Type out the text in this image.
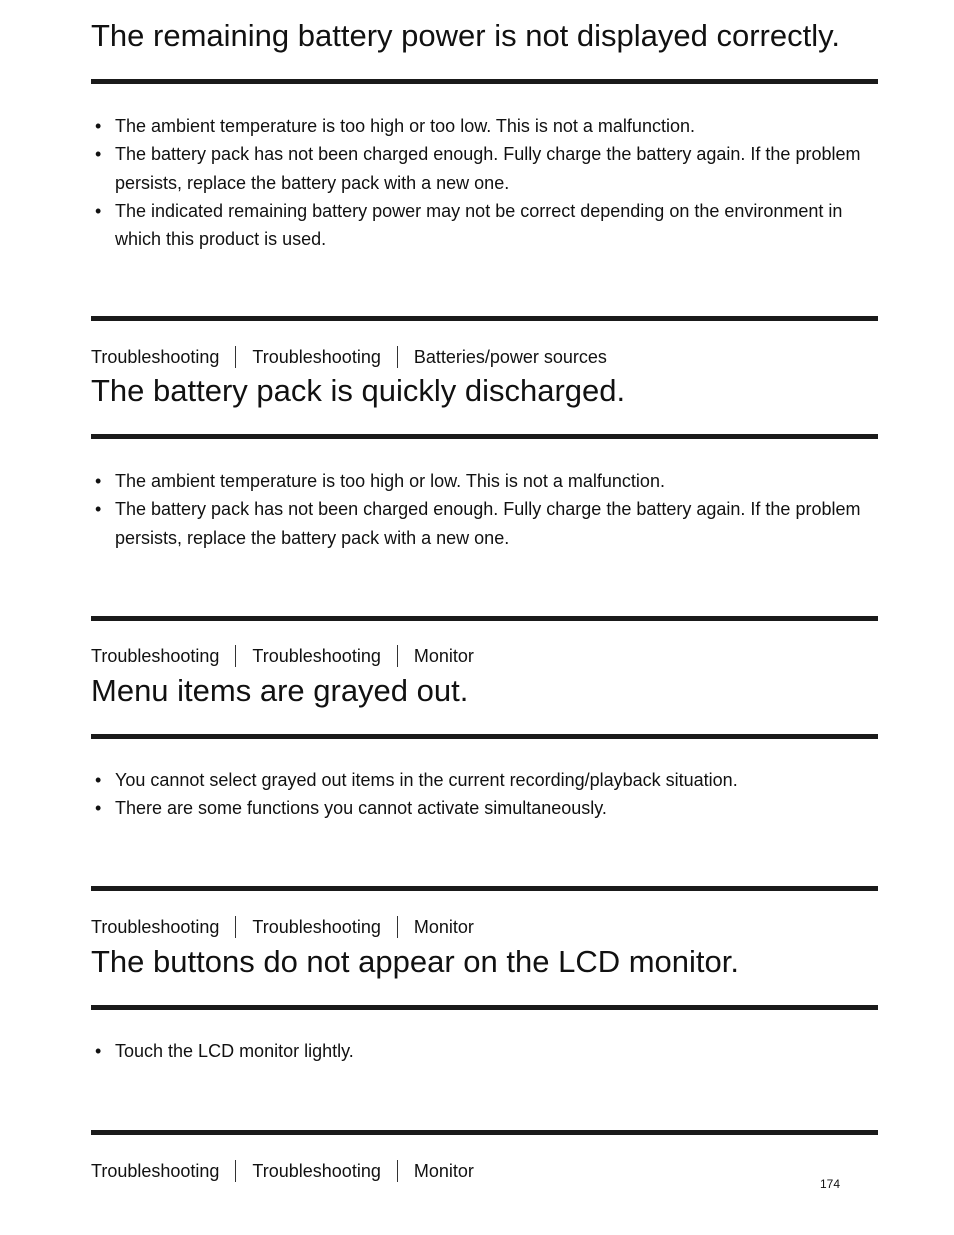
The remaining battery power is not displayed correctly.
• The ambient temperature is too high or too low. This is not a malfunction.
• The battery pack has not been charged enough. Fully charge the battery again. If the problem persists, replace the battery pack with a new one.
• The indicated remaining battery power may not be correct depending on the environment in which this product is used.
Troubleshooting Troubleshooting Batteries/power sources
The battery pack is quickly discharged.
• The ambient temperature is too high or low. This is not a malfunction.
• The battery pack has not been charged enough. Fully charge the battery again. If the problem persists, replace the battery pack with a new one.
Troubleshooting Troubleshooting Monitor
Menu items are grayed out.
• You cannot select grayed out items in the current recording/playback situation.
• There are some functions you cannot activate simultaneously.
Troubleshooting Troubleshooting Monitor
The buttons do not appear on the LCD monitor.
• Touch the LCD monitor lightly.
Troubleshooting Troubleshooting Monitor
174
